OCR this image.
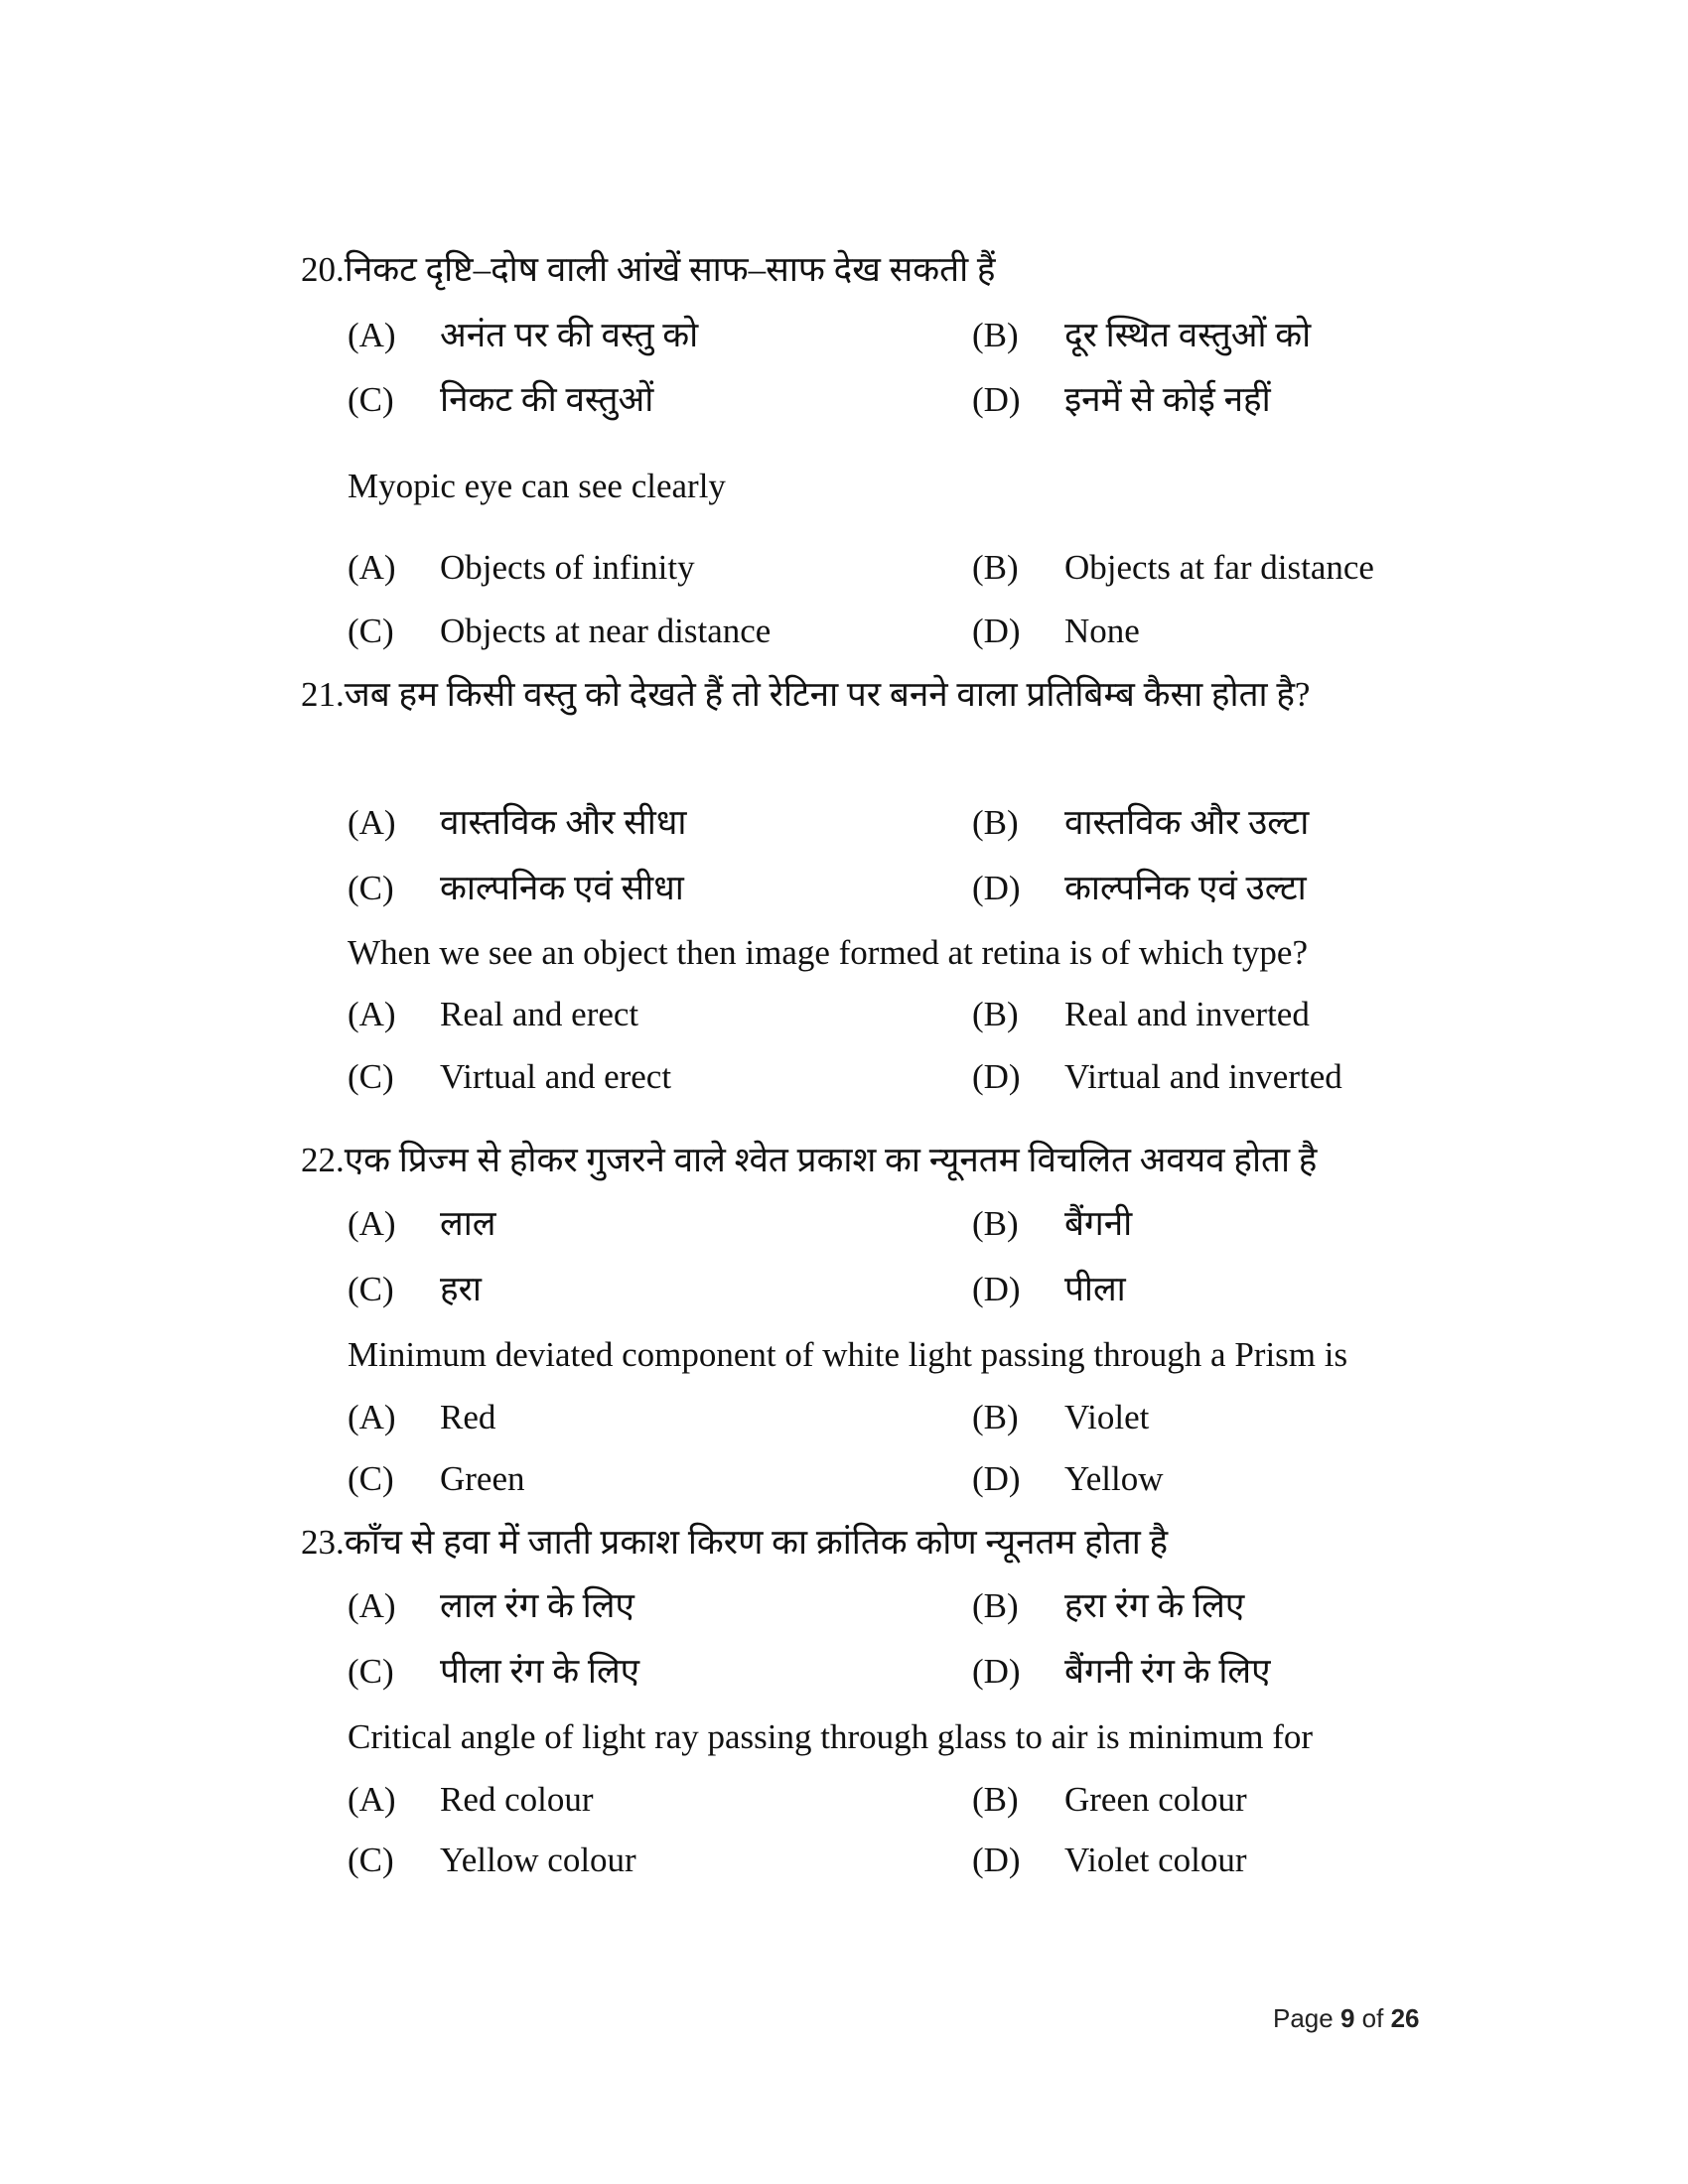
Page 9 of 26
20.निकट दृष्टि–दोष वाली आंखें साफ–साफ देख सकती हैं
(A) अनंत पर की वस्तु को	(B) दूर स्थित वस्तुओं को
(C) निकट की वस्तुओं	(D) इनमें से कोई नहीं
Myopic eye can see clearly
(A) Objects of infinity	(B) Objects at far distance
(C) Objects at near distance	(D) None
21.जब हम किसी वस्तु को देखते हैं तो रेटिना पर बनने वाला प्रतिबिम्ब कैसा होता है?
(A) वास्तविक और सीधा	(B) वास्तविक और उल्टा
(C) काल्पनिक एवं सीधा	(D) काल्पनिक एवं उल्टा
When we see an object then image formed at retina is of which type?
(A) Real and erect	(B) Real and inverted
(C) Virtual and erect	(D) Virtual and inverted
22.एक प्रिज्म से होकर गुजरने वाले श्वेत प्रकाश का न्यूनतम विचलित अवयव होता है
(A) लाल	(B) बैंगनी
(C) हरा	(D) पीला
Minimum deviated component of white light passing through a Prism is
(A) Red	(B) Violet
(C) Green	(D) Yellow
23.काँच से हवा में जाती प्रकाश किरण का क्रांतिक कोण न्यूनतम होता है
(A) लाल रंग के लिए	(B) हरा रंग के लिए
(C) पीला रंग के लिए	(D) बैंगनी रंग के लिए
Critical angle of light ray passing through glass to air is minimum for
(A) Red colour	(B) Green colour
(C) Yellow colour	(D) Violet colour
